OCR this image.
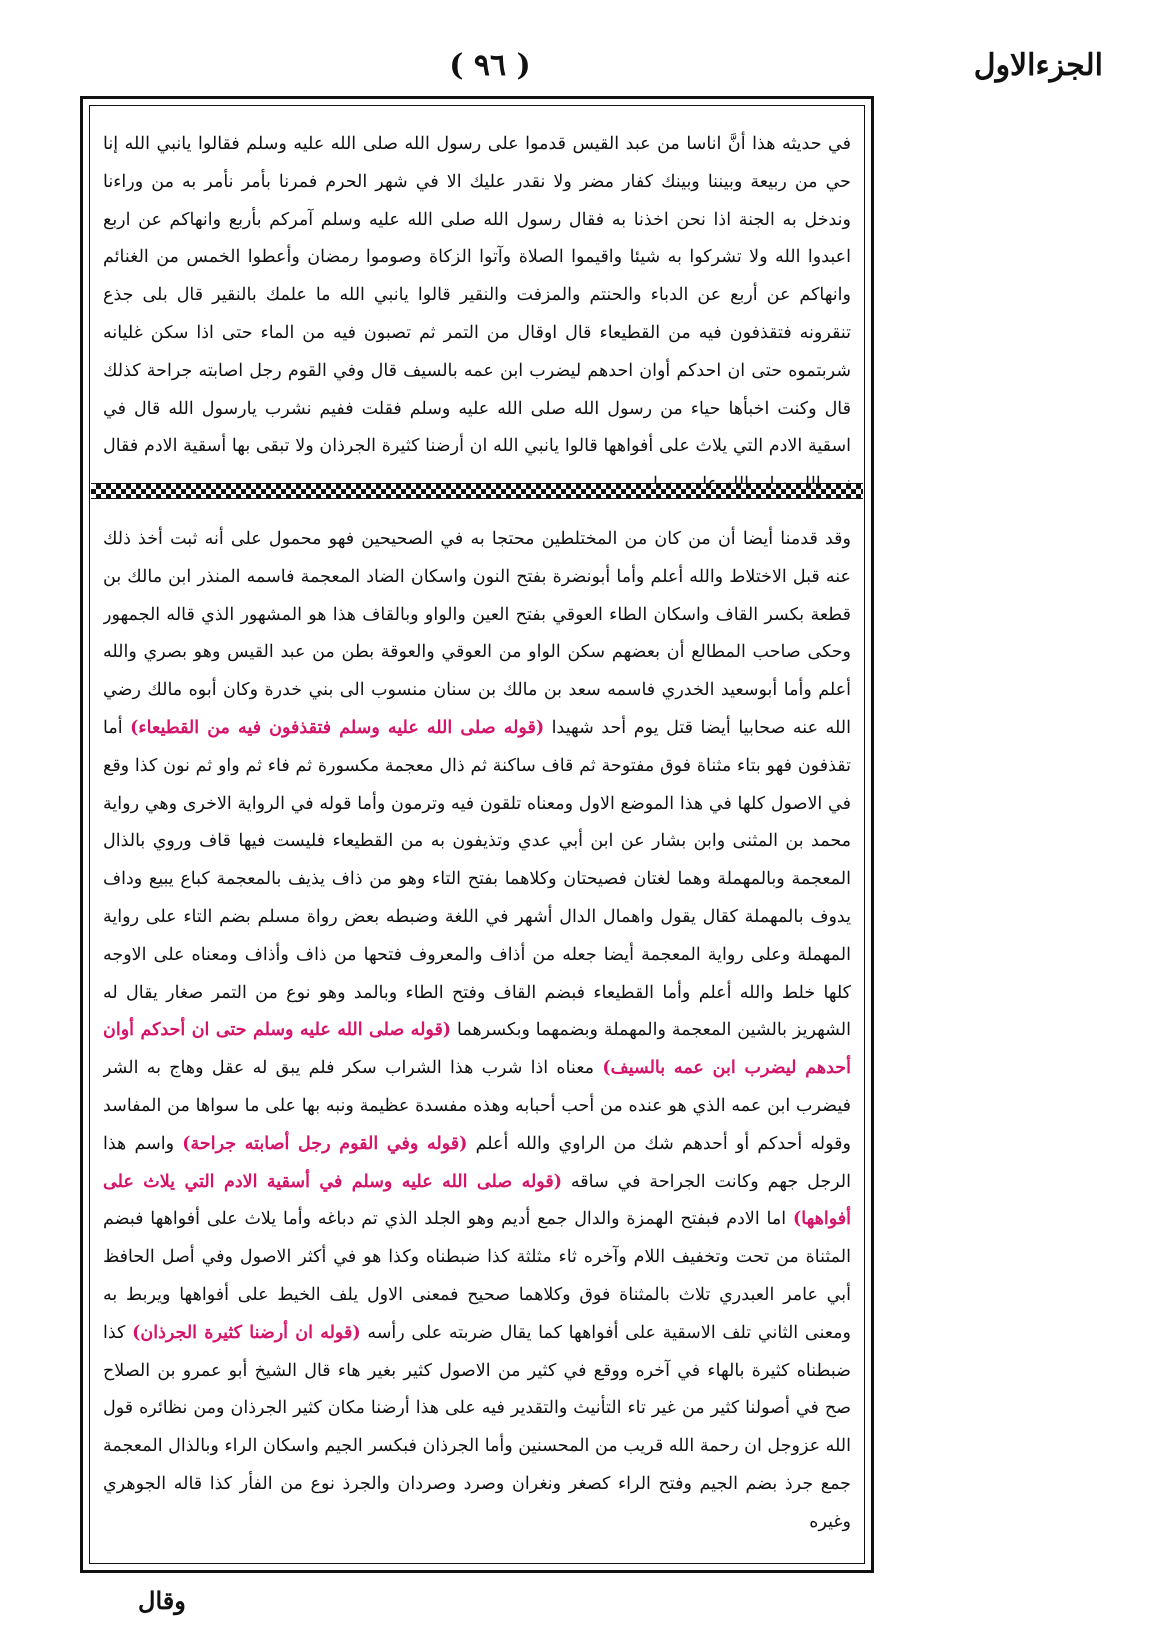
الجزءالاول
( ٩٦ )
في حديثه هذا أنَّ اناسا من عبد القيس قدموا على رسول الله صلى الله عليه وسلم فقالوا يانبي الله إنا حي من ربيعة وبيننا وبينك كفار مضر ولا نقدر عليك الا في شهر الحرم فمرنا بأمر نأمر به من وراءنا وندخل به الجنة اذا نحن اخذنا به فقال رسول الله صلى الله عليه وسلم آمركم بأربع وانهاكم عن اربع اعبدوا الله ولا تشركوا به شيئا واقيموا الصلاة وآتوا الزكاة وصوموا رمضان وأعطوا الخمس من الغنائم وانهاكم عن أربع عن الدباء والحنتم والمزفت والنقير قالوا يانبي الله ما علمك بالنقير قال بلى جذع تنقرونه فتقذفون فيه من القطيعاء قال اوقال من التمر ثم تصبون فيه من الماء حتى اذا سكن غليانه شربتموه حتى ان احدكم أوان احدهم ليضرب ابن عمه بالسيف قال وفي القوم رجل اصابته جراحة كذلك قال وكنت اخبأها حياء من رسول الله صلى الله عليه وسلم فقلت ففيم نشرب يارسول الله قال في اسقية الادم التي يلاث على أفواهها قالوا يانبي الله ان أرضنا كثيرة الجرذان ولا تبقى بها أسقية الادم فقال
وقد قدمنا أيضا أن من كان من المختلطين محتجا به في الصحيحين فهو محمول على أنه ثبت أخذ ذلك عنه قبل الاختلاط والله أعلم وأما أبونضرة بفتح النون واسكان الضاد المعجمة فاسمه المنذر ابن مالك بن قطعة بكسر القاف واسكان الطاء العوقي بفتح العين والواو وبالقاف هذا هو المشهور الذي قاله الجمهور وحكى صاحب المطالع أن بعضهم سكن الواو من العوقي والعوقة بطن من عبد القيس وهو بصري والله أعلم وأما أبوسعيد الخدري فاسمه سعد بن مالك بن سنان منسوب الى بني خدرة وكان أبوه مالك رضي الله عنه صحابيا أيضا قتل يوم أحد شهيدا (قوله صلى الله عليه وسلم فتقذفون فيه من القطيعاء) أما تقذفون فهو بتاء مثناة فوق مفتوحة ثم قاف ساكنة ثم ذال معجمة مكسورة ثم فاء ثم واو ثم نون كذا وقع في الاصول كلها في هذا الموضع الاول ومعناه تلقون فيه وترمون وأما قوله في الرواية الاخرى وهي رواية محمد بن المثنى وابن بشار عن ابن أبي عدي وتذيفون به من القطيعاء فليست فيها قاف وروي بالذال المعجمة وبالمهملة وهما لغتان فصيحتان وكلاهما بفتح التاء وهو من ذاف يذيف بالمعجمة كباع يبيع وداف يدوف بالمهملة كقال يقول واهمال الدال أشهر في اللغة وضبطه بعض رواة مسلم بضم التاء على رواية المهملة وعلى رواية المعجمة أيضا جعله من أذاف والمعروف فتحها من ذاف وأذاف ومعناه على الاوجه كلها خلط والله أعلم وأما القطيعاء فبضم القاف وفتح الطاء وبالمد وهو نوع من التمر صغار يقال له الشهريز بالشين المعجمة والمهملة وبضمهما وبكسرهما (قوله صلى الله عليه وسلم حتى ان أحدكم أوان أحدهم ليضرب ابن عمه بالسيف) معناه اذا شرب هذا الشراب سكر فلم يبق له عقل وهاج به الشر فيضرب ابن عمه الذي هو عنده من أحب أحبابه وهذه مفسدة عظيمة ونبه بها على ما سواها من المفاسد وقوله أحدكم أو أحدهم شك من الراوي والله أعلم (قوله وفي القوم رجل أصابته جراحة) واسم هذا الرجل جهم وكانت الجراحة في ساقه (قوله صلى الله عليه وسلم في أسقية الادم التي يلاث على أفواهها) اما الادم فبفتح الهمزة والدال جمع أديم وهو الجلد الذي تم دباغه وأما يلاث على أفواهها فبضم المثناة من تحت وتخفيف اللام وآخره ثاء مثلثة كذا ضبطناه وكذا هو في أكثر الاصول وفي أصل الحافظ أبي عامر العبدري تلاث بالمثناة فوق وكلاهما صحيح فمعنى الاول يلف الخيط على أفواهها ويربط به ومعنى الثاني تلف الاسقية على أفواهها كما يقال ضربته على رأسه (قوله ان أرضنا كثيرة الجرذان) كذا ضبطناه كثيرة بالهاء في آخره ووقع في كثير من الاصول كثير بغير هاء قال الشيخ أبو عمرو بن الصلاح صح في أصولنا كثير من غير تاء التأنيث والتقدير فيه على هذا أرضنا مكان كثير الجرذان ومن نظائره قول الله عزوجل ان رحمة الله قريب من المحسنين وأما الجرذان فبكسر الجيم واسكان الراء وبالذال المعجمة جمع جرذ بضم الجيم وفتح الراء كصغر ونغران وصرد وصردان والجرذ نوع من الفأر كذا قاله الجوهري وغيره
وقال
